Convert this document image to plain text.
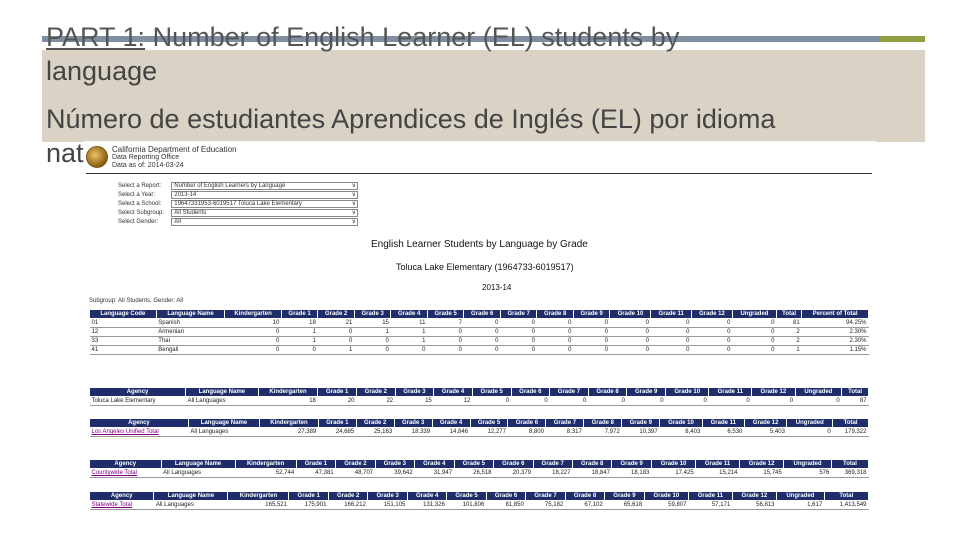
PART 1: Number of English Learner (EL) students by
language
Número de estudiantes Aprendices de Inglés (EL) por idioma
nat	California Department of Education
Data Reporting Office
Data as of: 2014-03-24
Select a Report:	Number of English Learners by Language	∨
Select a Year:	2013-14	∨
Select a School:	19647331953-6019517 Toluca Lake Elementary	∨
Select Subgroup:	All Students	∨
Select Gender:	All	∨
English Learner Students by Language by Grade
Toluca Lake Elementary (1964733-6019517)
2013-14
Subgroup: All Students, Gender: All
Language Code	Language Name	Kindergarten	Grade 1	Grade 2	Grade 3	Grade 4	Grade 5	Grade 6	Grade 7	Grade 8	Grade 9	Grade 10	Grade 11	Grade 12	Ungraded	Total	Percent of Total
01	Spanish	10	18	21	15	11	7	0	0	0	0	0	0	0	0	81	94.25%
12	Armenian	0	1	0	1	1	0	0	0	0	0	0	0	0	0	2	2.30%
33	Thai	0	1	0	0	1	0	0	0	0	0	0	0	0	0	2	2.30%
41	Bengali	0	0	1	0	0	0	0	0	0	0	0	0	0	0	1	1.15%
Agency	Language Name	Kindergarten	Grade 1	Grade 2	Grade 3	Grade 4	Grade 5	Grade 6	Grade 7	Grade 8	Grade 9	Grade 10	Grade 11	Grade 12	Ungraded	Total
Toluca Lake Elementary	All Languages	18	20	22	15	12	0	0	0	0	0	0	0	0	0	87
Agency	Language Name	Kindergarten	Grade 1	Grade 2	Grade 3	Grade 4	Grade 5	Grade 6	Grade 7	Grade 8	Grade 9	Grade 10	Grade 11	Grade 12	Ungraded	Total
Los Angeles Unified Total	All Languages	27,389	24,685	25,163	18,339	14,846	12,277	8,800	8,317	7,972	10,397	8,403	6,530	5,403	0	179,322
Agency	Language Name	Kindergarten	Grade 1	Grade 2	Grade 3	Grade 4	Grade 5	Grade 6	Grade 7	Grade 8	Grade 9	Grade 10	Grade 11	Grade 12	Ungraded	Total
Countywide Total	All Languages	52,744	47,381	48,707	39,642	31,947	26,518	20,379	18,227	18,847	18,183	17,425	15,214	15,745	576	369,318
Agency	Language Name	Kindergarten	Grade 1	Grade 2	Grade 3	Grade 4	Grade 5	Grade 6	Grade 7	Grade 8	Grade 9	Grade 10	Grade 11	Grade 12	Ungraded	Total
Statewide Total	All Languages	165,521	175,901	166,212	151,105	131,326	101,806	81,850	75,182	67,102	65,618	59,807	57,171	56,813	1,617	1,413,549
